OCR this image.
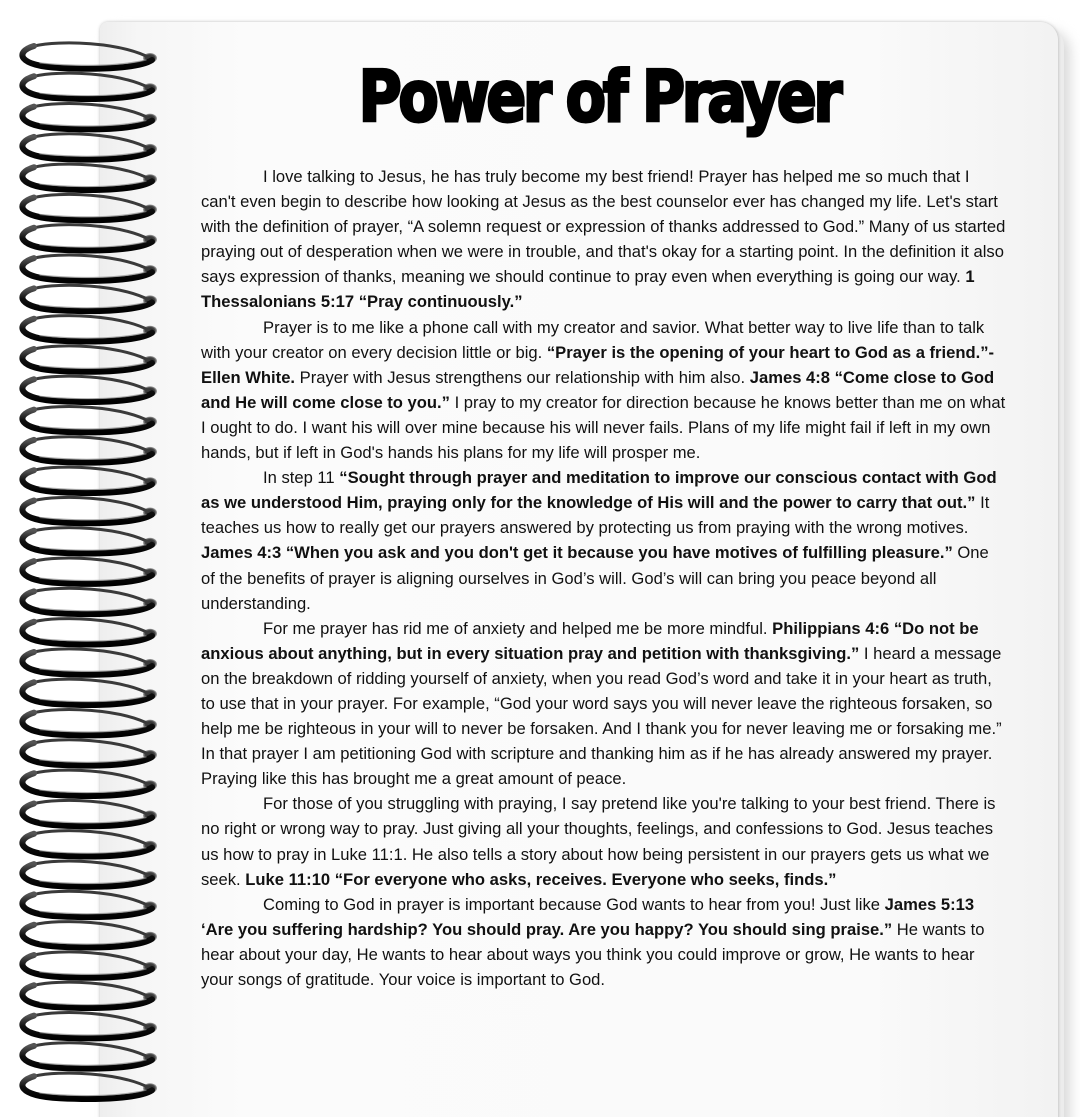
Power of Prayer

I love talking to Jesus, he has truly become my best friend! Prayer has helped me so much that I can't even begin to describe how looking at Jesus as the best counselor ever has changed my life. Let's start with the definition of prayer, “A solemn request or expression of thanks addressed to God.” Many of us started praying out of desperation when we were in trouble, and that's okay for a starting point. In the definition it also says expression of thanks, meaning we should continue to pray even when everything is going our way. 1 Thessalonians 5:17 “Pray continuously.”

Prayer is to me like a phone call with my creator and savior. What better way to live life than to talk with your creator on every decision little or big. “Prayer is the opening of your heart to God as a friend.”- Ellen White. Prayer with Jesus strengthens our relationship with him also. James 4:8 “Come close to God and He will come close to you.” I pray to my creator for direction because he knows better than me on what I ought to do. I want his will over mine because his will never fails. Plans of my life might fail if left in my own hands, but if left in God's hands his plans for my life will prosper me.

In step 11 “Sought through prayer and meditation to improve our conscious contact with God as we understood Him, praying only for the knowledge of His will and the power to carry that out.” It teaches us how to really get our prayers answered by protecting us from praying with the wrong motives. James 4:3 “When you ask and you don't get it because you have motives of fulfilling pleasure.” One of the benefits of prayer is aligning ourselves in God’s will. God’s will can bring you peace beyond all understanding.

For me prayer has rid me of anxiety and helped me be more mindful. Philippians 4:6 “Do not be anxious about anything, but in every situation pray and petition with thanksgiving.” I heard a message on the breakdown of ridding yourself of anxiety, when you read God’s word and take it in your heart as truth, to use that in your prayer. For example, “God your word says you will never leave the righteous forsaken, so help me be righteous in your will to never be forsaken. And I thank you for never leaving me or forsaking me.” In that prayer I am petitioning God with scripture and thanking him as if he has already answered my prayer. Praying like this has brought me a great amount of peace.

For those of you struggling with praying, I say pretend like you're talking to your best friend. There is no right or wrong way to pray. Just giving all your thoughts, feelings, and confessions to God. Jesus teaches us how to pray in Luke 11:1. He also tells a story about how being persistent in our prayers gets us what we seek. Luke 11:10 “For everyone who asks, receives. Everyone who seeks, finds.”

Coming to God in prayer is important because God wants to hear from you! Just like James 5:13 ‘Are you suffering hardship? You should pray. Are you happy? You should sing praise.” He wants to hear about your day, He wants to hear about ways you think you could improve or grow, He wants to hear your songs of gratitude. Your voice is important to God.
